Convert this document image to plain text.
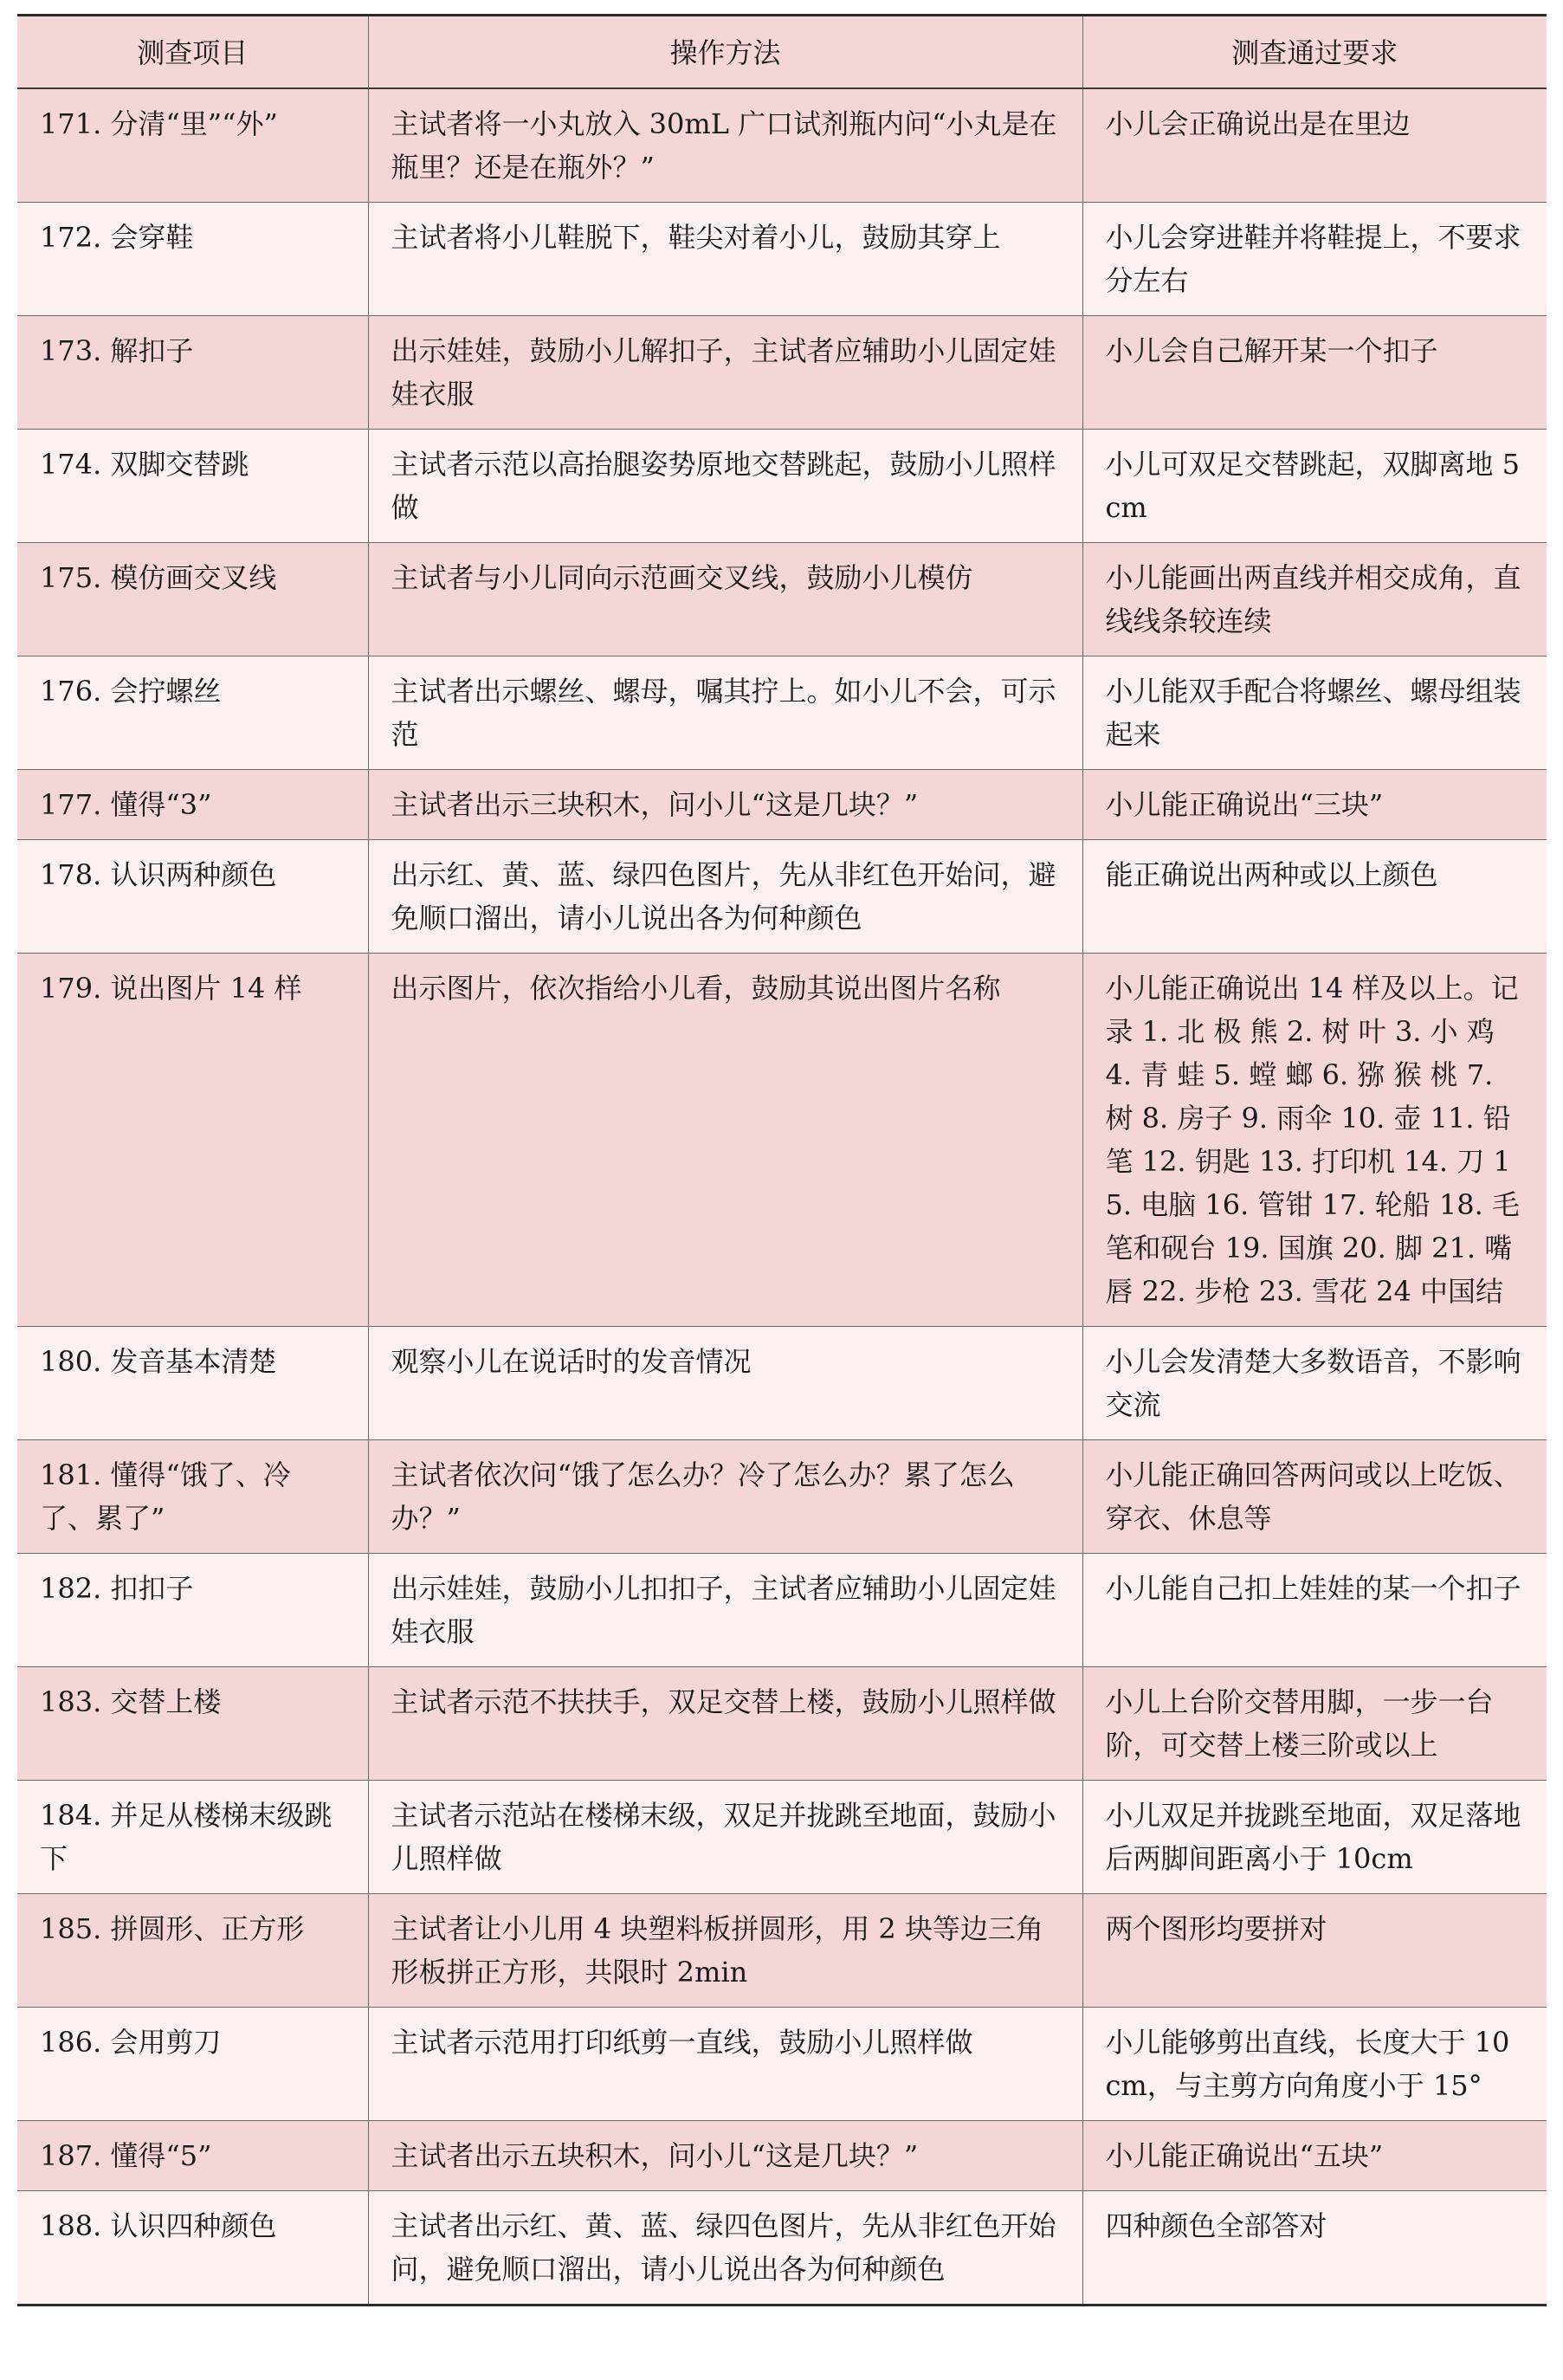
测查项目	操作方法	测查通过要求

171. 分清“里”“外”	主试者将一小丸放入 30mL 广口试剂瓶内问“小丸是在瓶里？还是在瓶外？”	小儿会正确说出是在里边

172. 会穿鞋	主试者将小儿鞋脱下，鞋尖对着小儿，鼓励其穿上	小儿会穿进鞋并将鞋提上，不要求分左右

173. 解扣子	出示娃娃，鼓励小儿解扣子，主试者应辅助小儿固定娃娃衣服	小儿会自己解开某一个扣子

174. 双脚交替跳	主试者示范以高抬腿姿势原地交替跳起，鼓励小儿照样做	小儿可双足交替跳起，双脚离地 5cm

175. 模仿画交叉线	主试者与小儿同向示范画交叉线，鼓励小儿模仿	小儿能画出两直线并相交成角，直线线条较连续

176. 会拧螺丝	主试者出示螺丝、螺母，嘱其拧上。如小儿不会，可示范	小儿能双手配合将螺丝、螺母组装起来

177. 懂得“3”	主试者出示三块积木，问小儿“这是几块？”	小儿能正确说出“三块”

178. 认识两种颜色	出示红、黄、蓝、绿四色图片，先从非红色开始问，避免顺口溜出，请小儿说出各为何种颜色	能正确说出两种或以上颜色

179. 说出图片 14 样	出示图片，依次指给小儿看，鼓励其说出图片名称	小儿能正确说出 14 样及以上。记 录 1. 北 极 熊 2. 树 叶 3. 小 鸡 4. 青 蛙 5. 螳 螂 6. 猕 猴 桃 7. 树 8. 房子 9. 雨伞 10. 壶 11. 铅笔 12. 钥匙 13. 打印机 14. 刀 15. 电脑 16. 管钳 17. 轮船 18. 毛笔和砚台 19. 国旗 20. 脚 21. 嘴唇 22. 步枪 23. 雪花 24 中国结

180. 发音基本清楚	观察小儿在说话时的发音情况	小儿会发清楚大多数语音，不影响交流

181. 懂得“饿了、冷了、累了”	主试者依次问“饿了怎么办？冷了怎么办？累了怎么办？”	小儿能正确回答两问或以上吃饭、穿衣、休息等

182. 扣扣子	出示娃娃，鼓励小儿扣扣子，主试者应辅助小儿固定娃娃衣服	小儿能自己扣上娃娃的某一个扣子

183. 交替上楼	主试者示范不扶扶手，双足交替上楼，鼓励小儿照样做	小儿上台阶交替用脚，一步一台阶，可交替上楼三阶或以上

184. 并足从楼梯末级跳下	主试者示范站在楼梯末级，双足并拢跳至地面，鼓励小儿照样做	小儿双足并拢跳至地面，双足落地后两脚间距离小于 10cm

185. 拼圆形、正方形	主试者让小儿用 4 块塑料板拼圆形，用 2 块等边三角形板拼正方形，共限时 2min	两个图形均要拼对

186. 会用剪刀	主试者示范用打印纸剪一直线，鼓励小儿照样做	小儿能够剪出直线，长度大于 10cm，与主剪方向角度小于 15°

187. 懂得“5”	主试者出示五块积木，问小儿“这是几块？”	小儿能正确说出“五块”

188. 认识四种颜色	主试者出示红、黄、蓝、绿四色图片，先从非红色开始问，避免顺口溜出，请小儿说出各为何种颜色	四种颜色全部答对
